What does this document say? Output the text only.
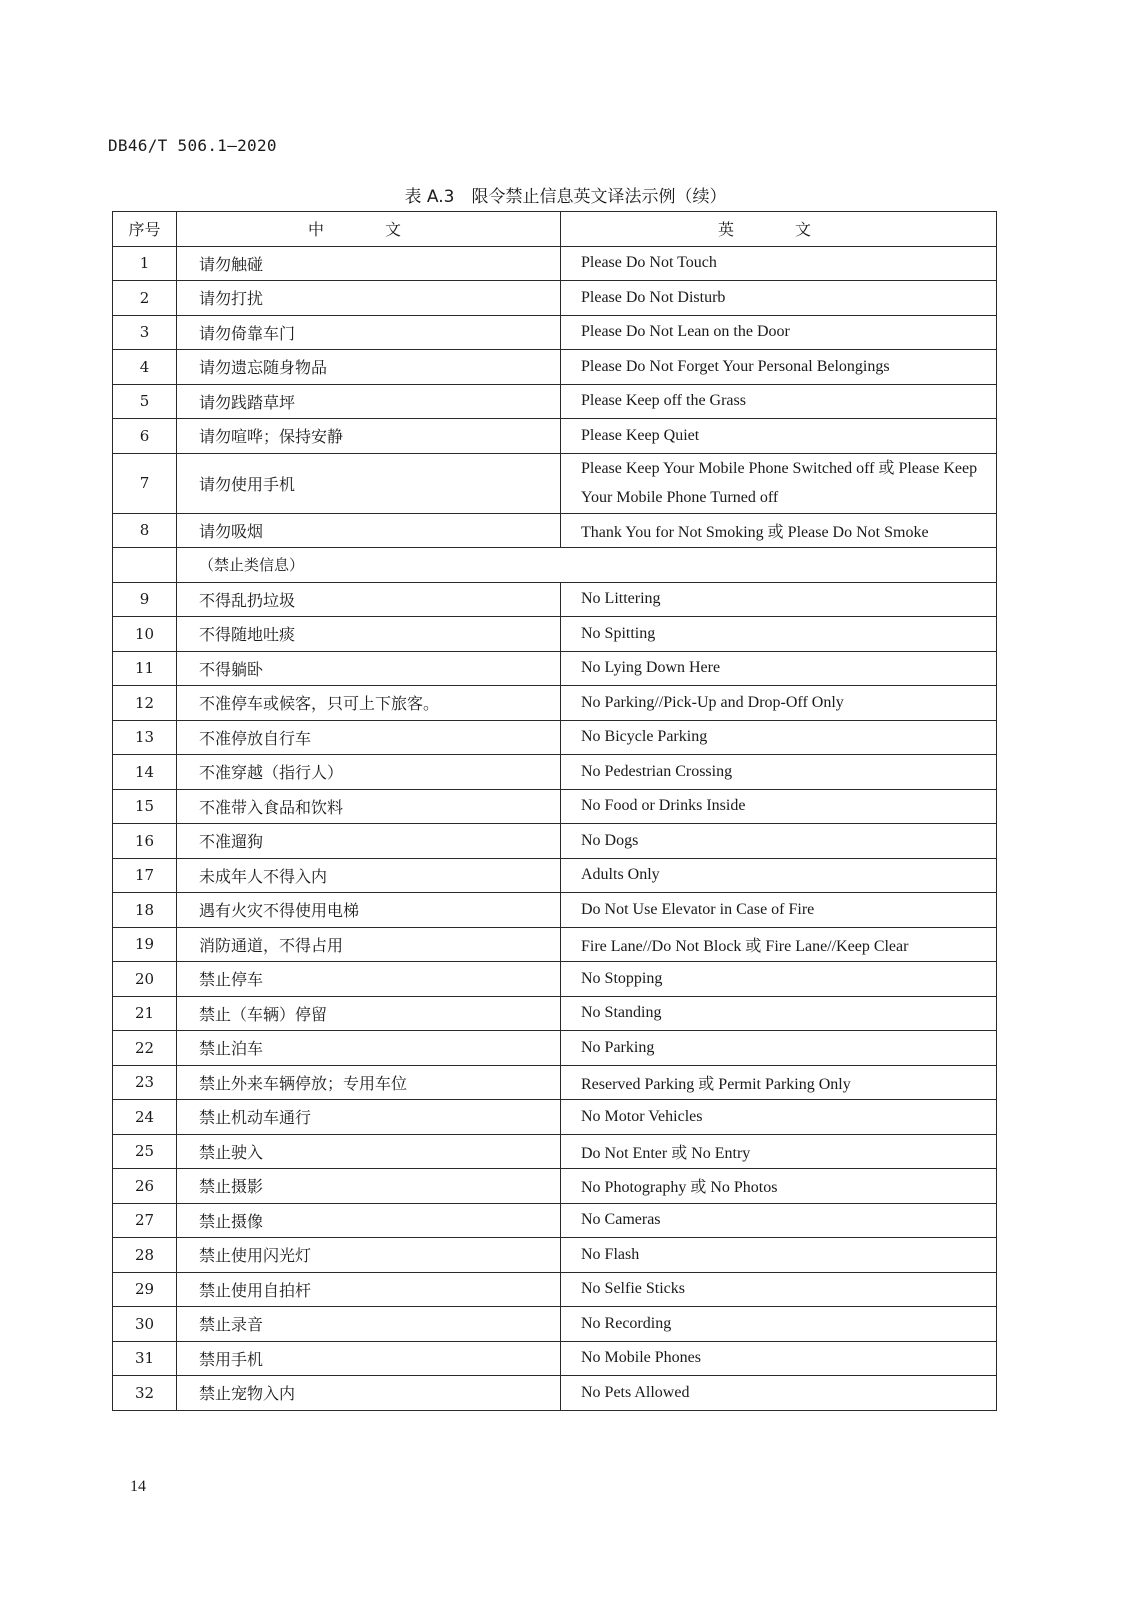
DB46/T 506.1—2020
表 A.3　限令禁止信息英文译法示例（续）
序号	中 文	英 文
1	请勿触碰	Please Do Not Touch
2	请勿打扰	Please Do Not Disturb
3	请勿倚靠车门	Please Do Not Lean on the Door
4	请勿遗忘随身物品	Please Do Not Forget Your Personal Belongings
5	请勿践踏草坪	Please Keep off the Grass
6	请勿喧哗；保持安静	Please Keep Quiet
7	请勿使用手机	Please Keep Your Mobile Phone Switched off 或 Please Keep Your Mobile Phone Turned off
8	请勿吸烟	Thank You for Not Smoking 或 Please Do Not Smoke
	（禁止类信息）	
9	不得乱扔垃圾	No Littering
10	不得随地吐痰	No Spitting
11	不得躺卧	No Lying Down Here
12	不准停车或候客，只可上下旅客。	No Parking//Pick-Up and Drop-Off Only
13	不准停放自行车	No Bicycle Parking
14	不准穿越（指行人）	No Pedestrian Crossing
15	不准带入食品和饮料	No Food or Drinks Inside
16	不准遛狗	No Dogs
17	未成年人不得入内	Adults Only
18	遇有火灾不得使用电梯	Do Not Use Elevator in Case of Fire
19	消防通道，不得占用	Fire Lane//Do Not Block 或 Fire Lane//Keep Clear
20	禁止停车	No Stopping
21	禁止（车辆）停留	No Standing
22	禁止泊车	No Parking
23	禁止外来车辆停放；专用车位	Reserved Parking 或 Permit Parking Only
24	禁止机动车通行	No Motor Vehicles
25	禁止驶入	Do Not Enter 或 No Entry
26	禁止摄影	No Photography 或 No Photos
27	禁止摄像	No Cameras
28	禁止使用闪光灯	No Flash
29	禁止使用自拍杆	No Selfie Sticks
30	禁止录音	No Recording
31	禁用手机	No Mobile Phones
32	禁止宠物入内	No Pets Allowed
14
